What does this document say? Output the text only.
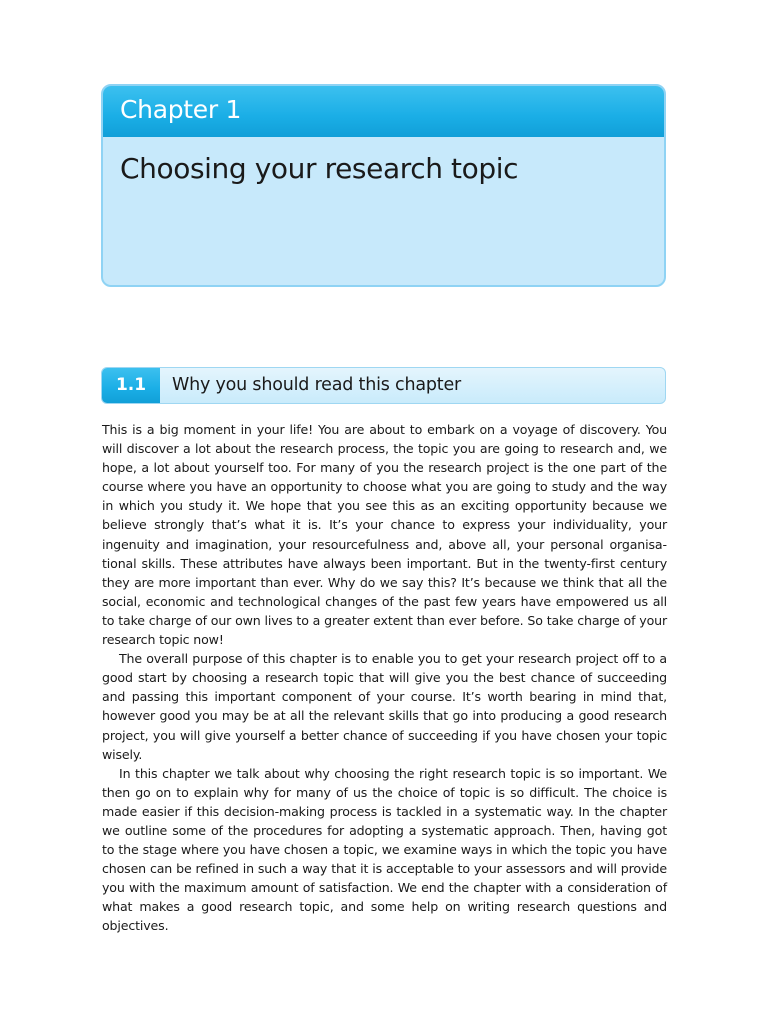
Chapter 1
Choosing your research topic
1.1	Why you should read this chapter

This is a big moment in your life! You are about to embark on a voyage of discovery. You will discover a lot about the research process, the topic you are going to research and, we hope, a lot about yourself too. For many of you the research project is the one part of the course where you have an opportunity to choose what you are going to study and the way in which you study it. We hope that you see this as an exciting opportunity because we believe strongly that’s what it is. It’s your chance to express your individuality, your ingenuity and imagination, your resourcefulness and, above all, your personal organisational skills. These attributes have always been important. But in the twenty-first century they are more important than ever. Why do we say this? It’s because we think that all the social, economic and technological changes of the past few years have empowered us all to take charge of our own lives to a greater extent than ever before. So take charge of your research topic now!

The overall purpose of this chapter is to enable you to get your research project off to a good start by choosing a research topic that will give you the best chance of succeeding and passing this important component of your course. It’s worth bearing in mind that, however good you may be at all the relevant skills that go into producing a good research project, you will give yourself a better chance of succeeding if you have chosen your topic wisely.

In this chapter we talk about why choosing the right research topic is so important. We then go on to explain why for many of us the choice of topic is so difficult. The choice is made easier if this decision-making process is tackled in a systematic way. In the chapter we outline some of the procedures for adopting a systematic approach. Then, having got to the stage where you have chosen a topic, we examine ways in which the topic you have chosen can be refined in such a way that it is acceptable to your assessors and will provide you with the maximum amount of satisfaction. We end the chapter with a consideration of what makes a good research topic, and some help on writing research questions and objectives.
